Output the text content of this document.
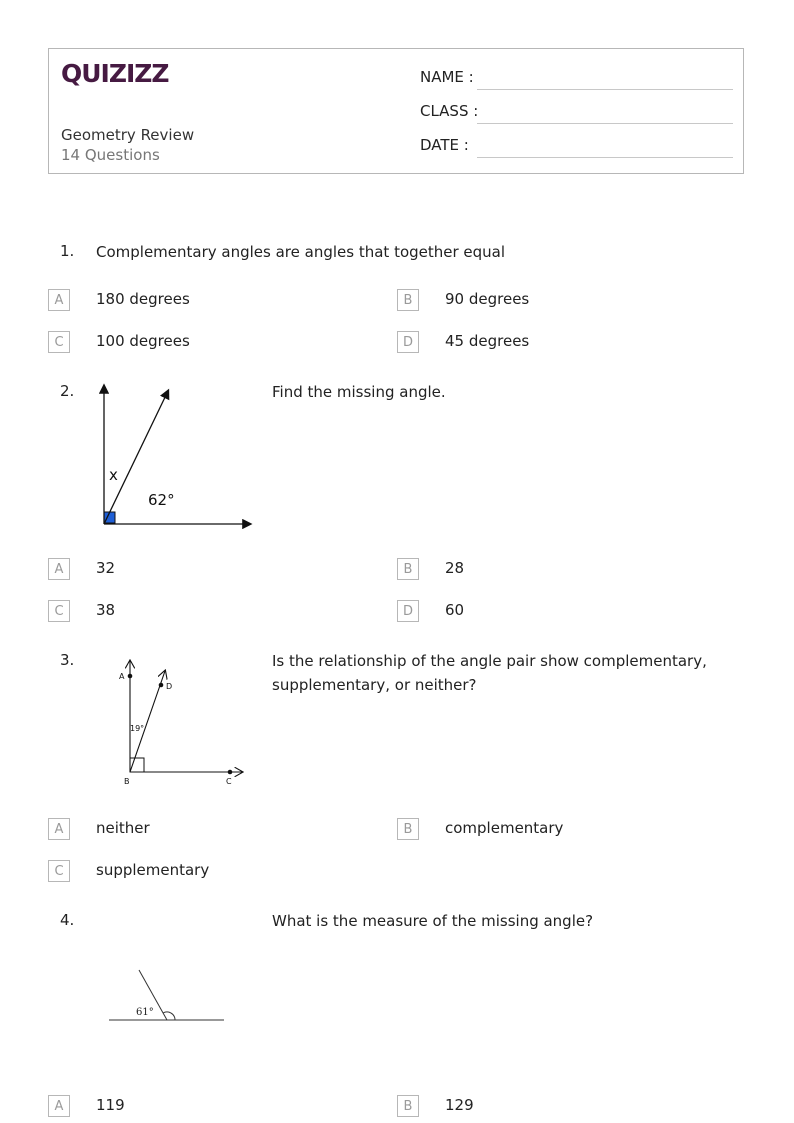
QUIZIZZ
Geometry Review
14 Questions
NAME :
CLASS :
DATE :
1. Complementary angles are angles that together equal
A	180 degrees	B	90 degrees
C	100 degrees	D	45 degrees
2.	Find the missing angle.
x
62°
A	32	B	28
C	38	D	60
3.	Is the relationship of the angle pair show complementary,
supplementary, or neither?
A
D
B	C
19°
A	neither	B	complementary
C	supplementary
4.	What is the measure of the missing angle?
61°
A	119	B	129
